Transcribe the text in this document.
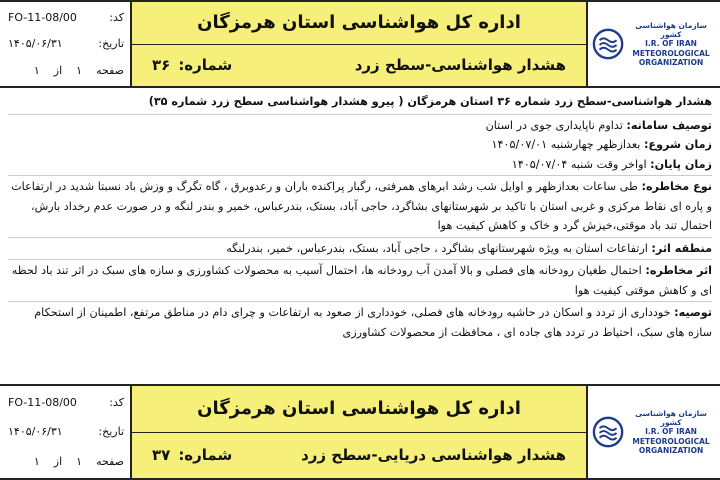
FO-11-08/00	کد:
۱۴۰۵/۰۶/۳۱	تاریخ:
صفحه
۱
از
۱
اداره کل هواشناسی استان هرمزگان
هشدار هواشناسی-سطح زرد
شماره:
۳۶
سازمان هواشناسی کشور
I.R. OF IRAN
METEOROLOGICAL
ORGANIZATION

هشدار هواشناسی-سطح زرد شماره ۳۶ استان هرمزگان ( پیرو هشدار هواشناسی سطح زرد شماره ۳۵)

توصیف سامانه: تداوم ناپایداری جوی در استان

زمان شروع: بعدازظهر چهارشنبه ۱۴۰۵/۰۷/۰۱

زمان پایان: اواخر وقت شنبه ۱۴۰۵/۰۷/۰۴

نوع مخاطره: طی ساعات بعدازظهر و اوایل شب رشد ابرهای همرفتی، رگبار پراکنده باران و رعدوبرق ، گاه تگرگ و وزش باد نسبتا شدید در ارتفاعات و پاره ای نقاط مرکزی و غربی استان با تاکید بر شهرستانهای بشاگرد، حاجی آباد، بستک، بندرعباس، خمیر و بندر لنگه و در صورت عدم رخداد بارش، احتمال تند باد موقتی،خیزش گرد و خاک و کاهش کیفیت هوا

منطقه اثر: ارتفاعات استان به ویژه شهرستانهای بشاگرد ، حاجی آباد، بستک، بندرعباس، خمیر، بندرلنگه

اثر مخاطره: احتمال طغیان رودخانه های فصلی و بالا آمدن آب رودخانه ها، احتمال آسیب به محصولات کشاورزی و سازه های سبک در اثر تند باد لحظه ای و کاهش موقتی کیفیت هوا

توصیه: خودداری از تردد و اسکان در حاشیه رودخانه های فصلی، خودداری از صعود به ارتفاعات و چرای دام در مناطق مرتفع، اطمینان از استحکام سازه های سبک، احتیاط در تردد های جاده ای ، محافظت از محصولات کشاورزی

FO-11-08/00	کد:
۱۴۰۵/۰۶/۳۱	تاریخ:
صفحه
۱
از
۱
اداره کل هواشناسی استان هرمزگان
هشدار هواشناسی دریایی-سطح زرد
شماره:
۳۷
سازمان هواشناسی کشور
I.R. OF IRAN
METEOROLOGICAL
ORGANIZATION
